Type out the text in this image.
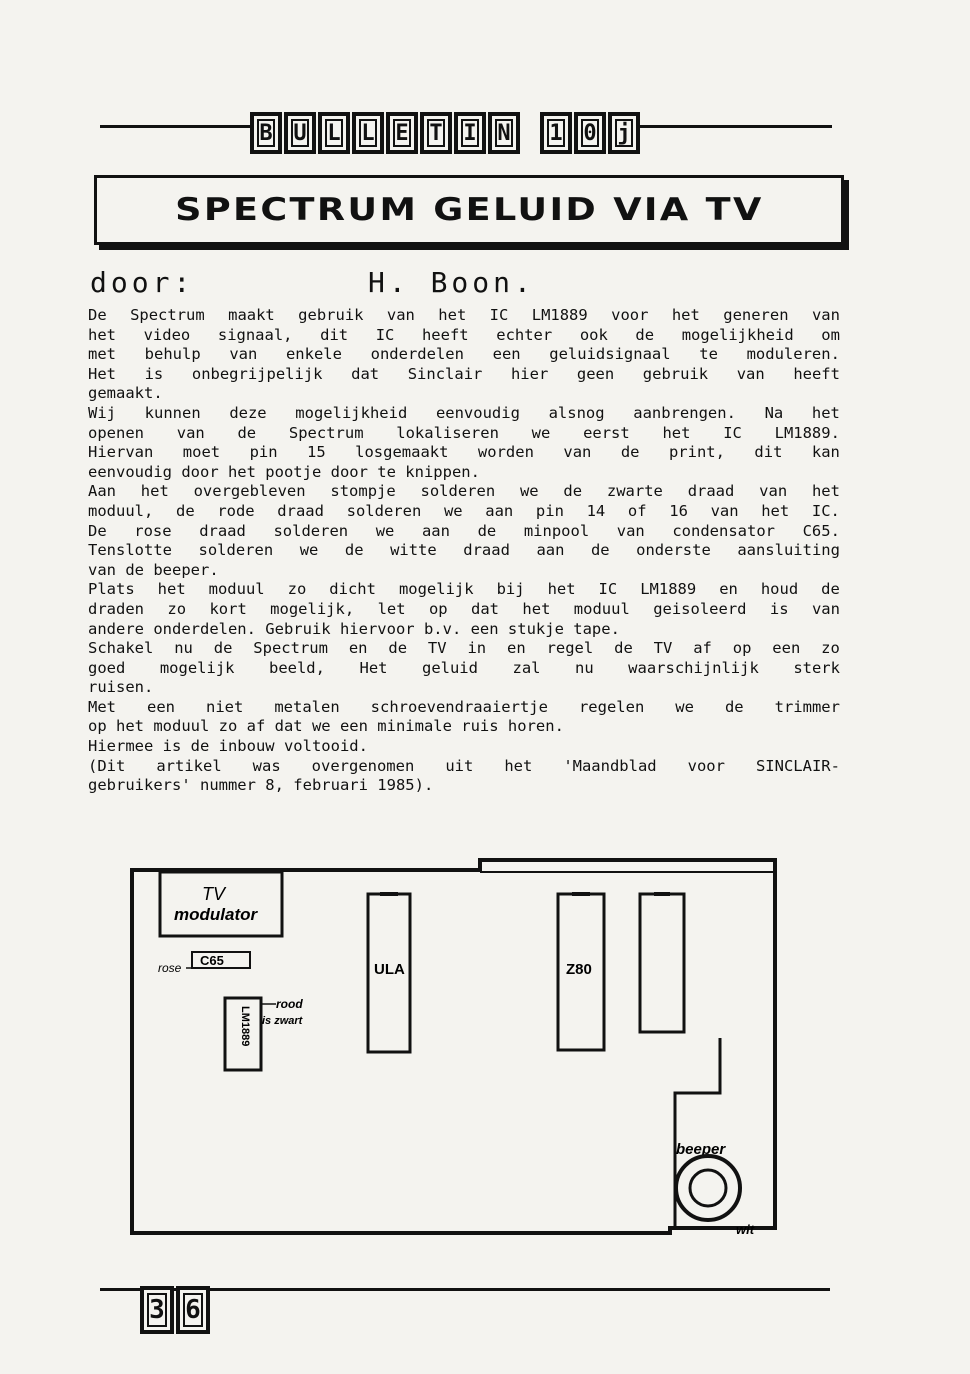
B U L L E T I N	1 0 j
SPECTRUM GELUID VIA TV
door:	H. Boon.
De Spectrum maakt gebruik van het IC LM1889 voor het generen van
het video signaal, dit IC heeft echter ook de mogelijkheid om
met behulp van enkele onderdelen een geluidsignaal te moduleren.
Het is onbegrijpelijk dat Sinclair hier geen gebruik van heeft
gemaakt.
Wij kunnen deze mogelijkheid eenvoudig alsnog aanbrengen. Na het
openen van de Spectrum lokaliseren we eerst het IC LM1889.
Hiervan moet pin 15 losgemaakt worden van de print, dit kan
eenvoudig door het pootje door te knippen.
Aan het overgebleven stompje solderen we de zwarte draad van het
moduul, de rode draad solderen we aan pin 14 of 16 van het IC.
De rose draad solderen we aan de minpool van condensator C65.
Tenslotte solderen we de witte draad aan de onderste aansluiting
van de beeper.
Plats het moduul zo dicht mogelijk bij het IC LM1889 en houd de
draden zo kort mogelijk, let op dat het moduul geisoleerd is van
andere onderdelen. Gebruik hiervoor b.v. een stukje tape.
Schakel nu de Spectrum en de TV in en regel de TV af op een zo
goed mogelijk beeld, Het geluid zal nu waarschijnlijk sterk
ruisen.
Met een niet metalen schroevendraaiertje regelen we de trimmer
op het moduul zo af dat we een minimale ruis horen.
Hiermee is de inbouw voltooid.
(Dit artikel was overgenomen uit het 'Maandblad voor SINCLAIR-
gebruikers' nummer 8, februari 1985).
TV
modulator
C65
rose
LM1889
rood
is zwart
ULA	Z80
beeper
wit
3 6
